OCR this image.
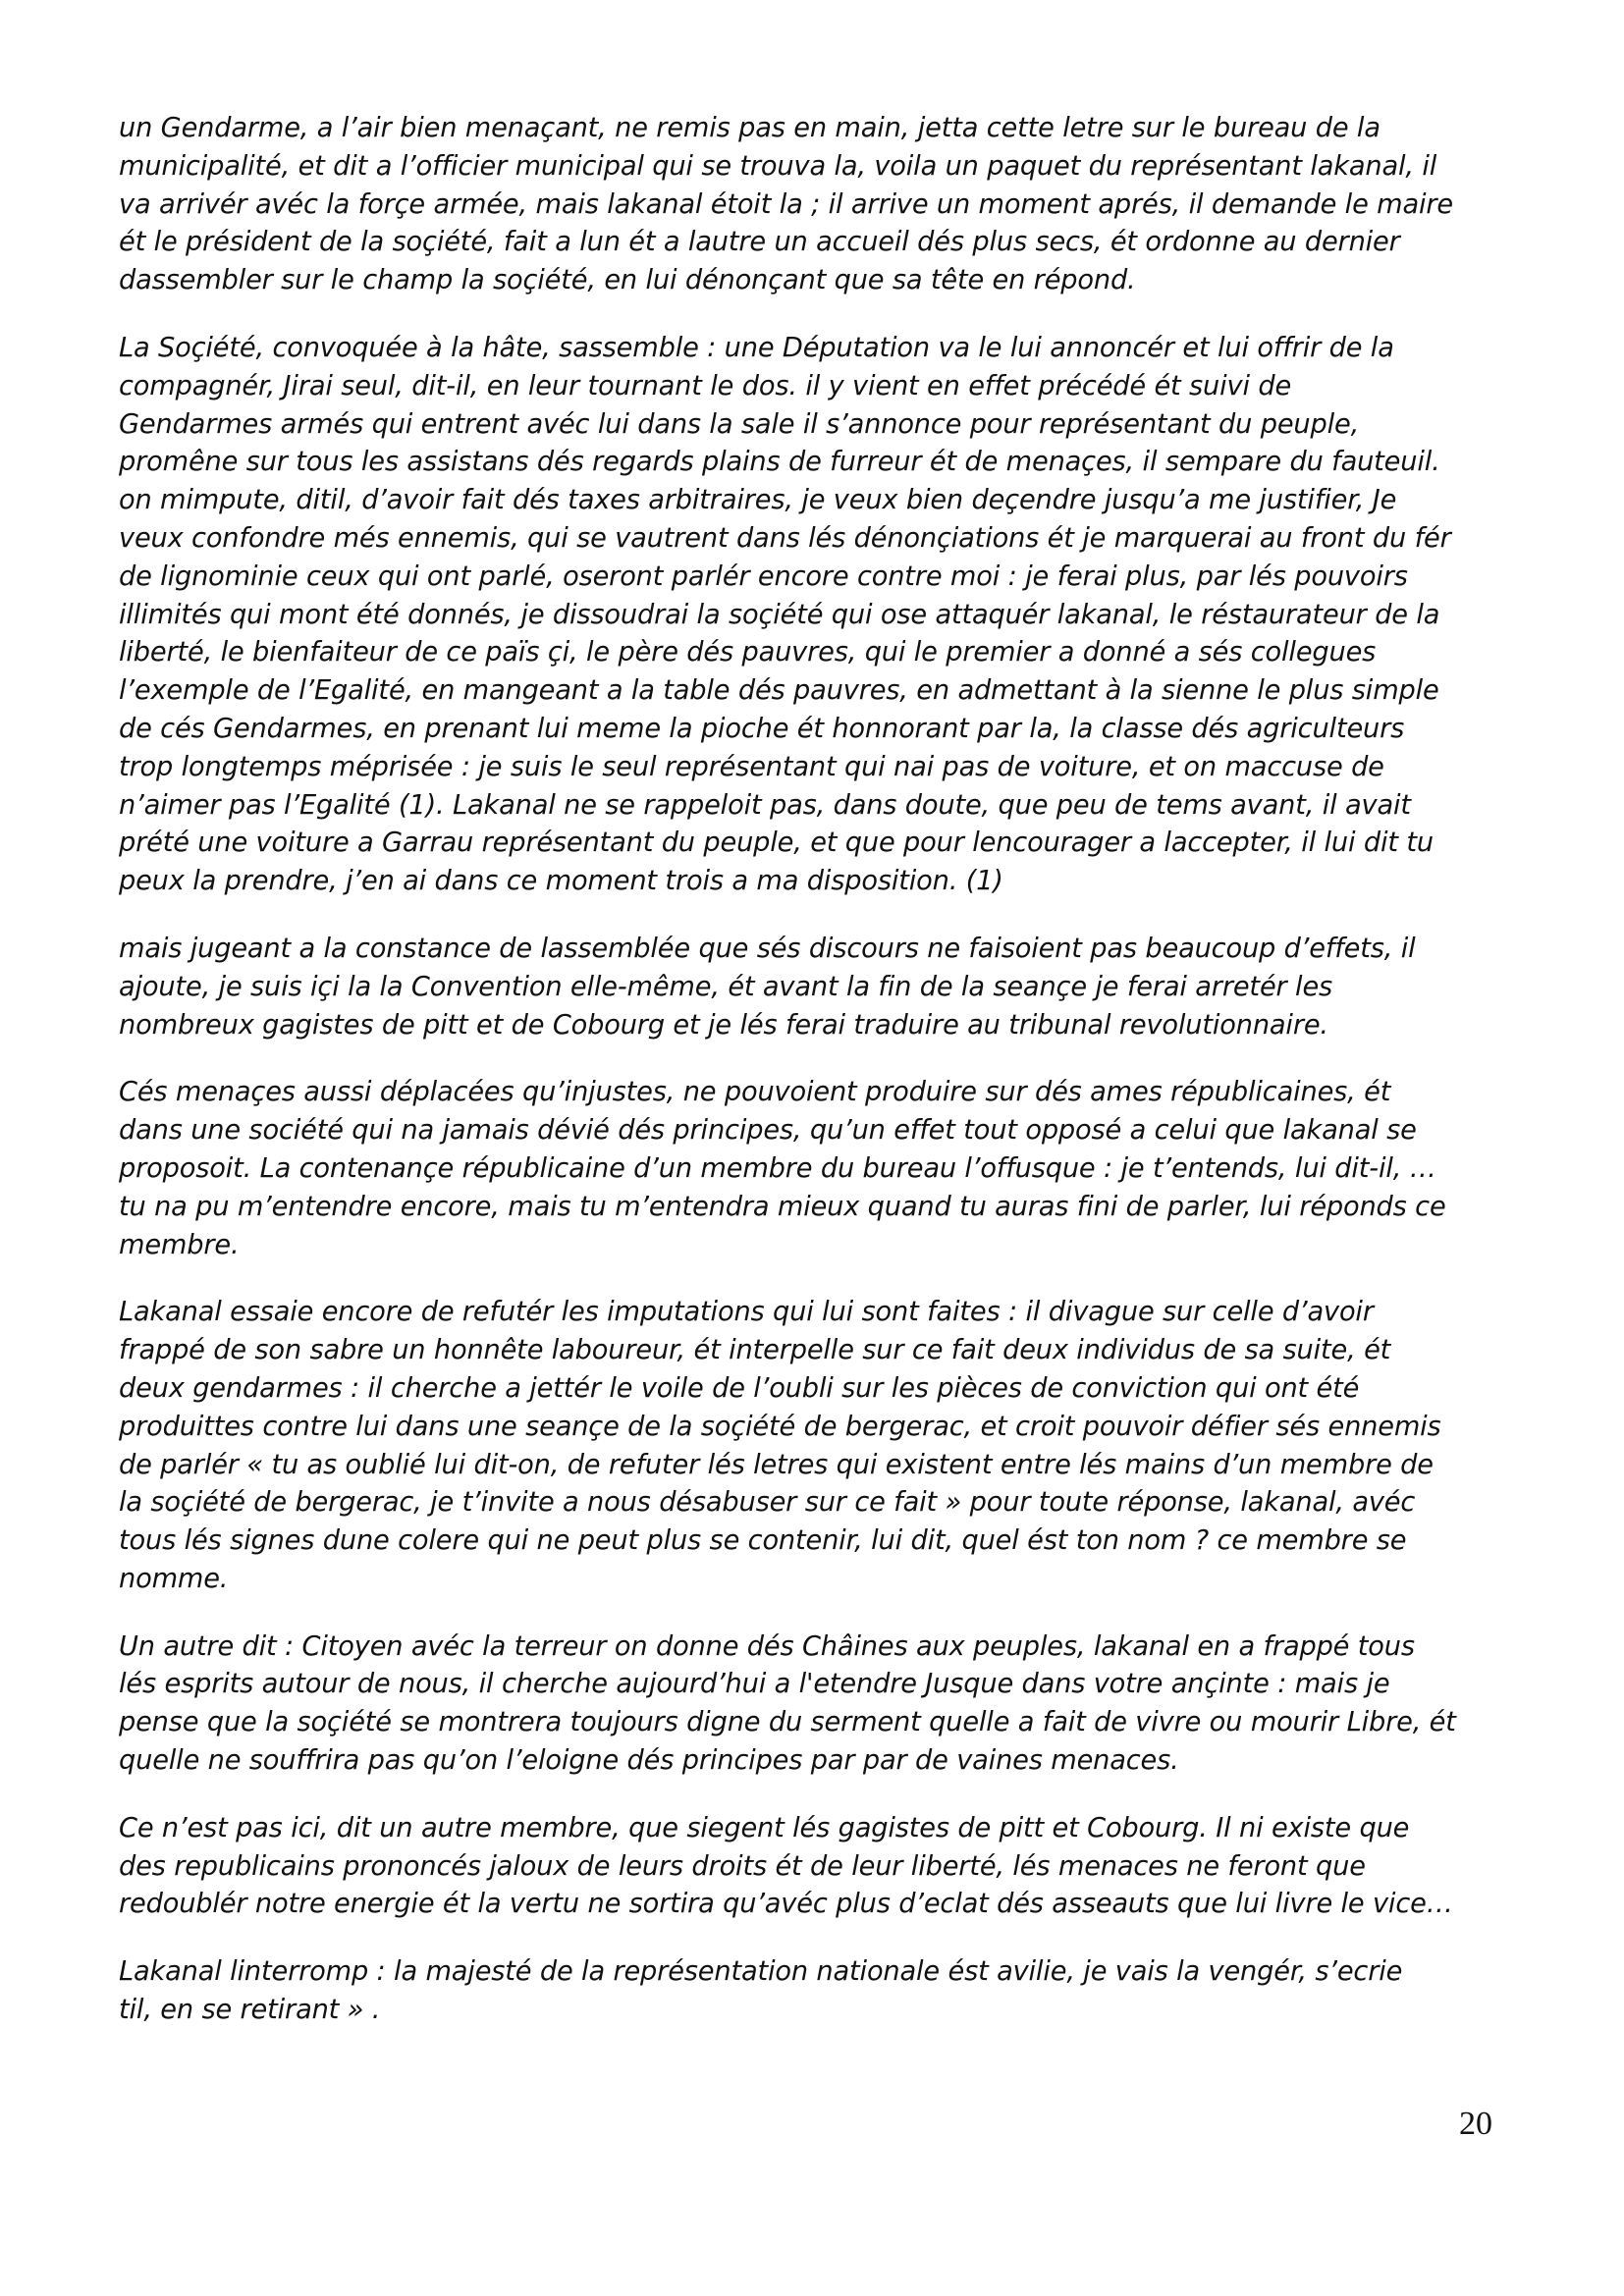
un Gendarme, a l’air bien menaçant, ne remis pas en main, jetta cette letre sur le bureau de la
municipalité, et dit a l’officier municipal qui se trouva la, voila un paquet du représentant lakanal, il
va arrivér avéc la forçe armée, mais lakanal étoit la ; il arrive un moment aprés, il demande le maire
ét le président de la soçiété, fait a lun ét a lautre un accueil dés plus secs, ét ordonne au dernier
dassembler sur le champ la soçiété, en lui dénonçant que sa tête en répond.

La Soçiété, convoquée à la hâte, sassemble : une Députation va le lui annoncér et lui offrir de la
compagnér, Jirai seul, dit-il, en leur tournant le dos. il y vient en effet précédé ét suivi de
Gendarmes armés qui entrent avéc lui dans la sale il s’annonce pour représentant du peuple,
promêne sur tous les assistans dés regards plains de furreur ét de menaçes, il sempare du fauteuil.
on mimpute, ditil, d’avoir fait dés taxes arbitraires, je veux bien deçendre jusqu’a me justifier, Je
veux confondre més ennemis, qui se vautrent dans lés dénonçiations ét je marquerai au front du fér
de lignominie ceux qui ont parlé, oseront parlér encore contre moi : je ferai plus, par lés pouvoirs
illimités qui mont été donnés, je dissoudrai la soçiété qui ose attaquér lakanal, le réstaurateur de la
liberté, le bienfaiteur de ce païs çi, le père dés pauvres, qui le premier a donné a sés collegues
l’exemple de l’Egalité, en mangeant a la table dés pauvres, en admettant à la sienne le plus simple
de cés Gendarmes, en prenant lui meme la pioche ét honnorant par la, la classe dés agriculteurs
trop longtemps méprisée : je suis le seul représentant qui nai pas de voiture, et on maccuse de
n’aimer pas l’Egalité (1). Lakanal ne se rappeloit pas, dans doute, que peu de tems avant, il avait
prété une voiture a Garrau représentant du peuple, et que pour lencourager a laccepter, il lui dit tu
peux la prendre, j’en ai dans ce moment trois a ma disposition. (1)

mais jugeant a la constance de lassemblée que sés discours ne faisoient pas beaucoup d’effets, il
ajoute, je suis içi la la Convention elle-même, ét avant la fin de la seançe je ferai arretér les
nombreux gagistes de pitt et de Cobourg et je lés ferai traduire au tribunal revolutionnaire.

Cés menaçes aussi déplacées qu’injustes, ne pouvoient produire sur dés ames républicaines, ét
dans une société qui na jamais dévié dés principes, qu’un effet tout opposé a celui que lakanal se
proposoit. La contenançe républicaine d’un membre du bureau l’offusque : je t’entends, lui dit-il, …
tu na pu m’entendre encore, mais tu m’entendra mieux quand tu auras fini de parler, lui réponds ce
membre.

Lakanal essaie encore de refutér les imputations qui lui sont faites : il divague sur celle d’avoir
frappé de son sabre un honnête laboureur, ét interpelle sur ce fait deux individus de sa suite, ét
deux gendarmes : il cherche a jettér le voile de l’oubli sur les pièces de conviction qui ont été
produittes contre lui dans une seançe de la soçiété de bergerac, et croit pouvoir défier sés ennemis
de parlér « tu as oublié lui dit-on, de refuter lés letres qui existent entre lés mains d’un membre de
la soçiété de bergerac, je t’invite a nous désabuser sur ce fait » pour toute réponse, lakanal, avéc
tous lés signes dune colere qui ne peut plus se contenir, lui dit, quel ést ton nom ? ce membre se
nomme.

Un autre dit : Citoyen avéc la terreur on donne dés Châines aux peuples, lakanal en a frappé tous
lés esprits autour de nous, il cherche aujourd’hui a l'etendre Jusque dans votre ançinte : mais je
pense que la soçiété se montrera toujours digne du serment quelle a fait de vivre ou mourir Libre, ét
quelle ne souffrira pas qu’on l’eloigne dés principes par par de vaines menaces.

Ce n’est pas ici, dit un autre membre, que siegent lés gagistes de pitt et Cobourg. Il ni existe que
des republicains prononcés jaloux de leurs droits ét de leur liberté, lés menaces ne feront que
redoublér notre energie ét la vertu ne sortira qu’avéc plus d’eclat dés asseauts que lui livre le vice…

Lakanal linterromp : la majesté de la représentation nationale ést avilie, je vais la vengér, s’ecrie
til, en se retirant » .

20
